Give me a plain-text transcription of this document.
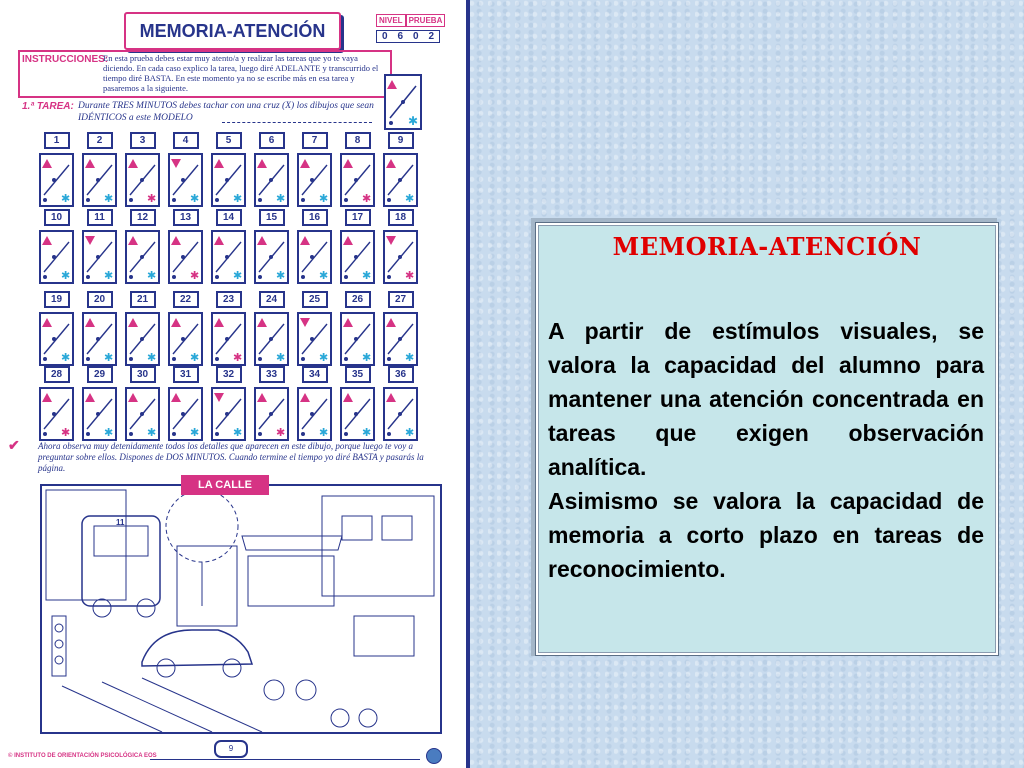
MEMORIA-ATENCIÓN
NIVEL PRUEBA
0 6 0 2
INSTRUCCIONES:
En esta prueba debes estar muy atento/a y realizar las tareas que yo te vaya diciendo. En cada caso explico la tarea, luego diré ADELANTE y transcurrido el tiempo diré BASTA. En este momento ya no se escribe más en esa tarea y pasaremos a la siguiente.
✱
1.ª TAREA: Durante TRES MINUTOS debes tachar con una cruz (X) los dibujos que sean IDÉNTICOS a este MODELO
1
✱
2
✱
3
✱
4
✱
5
✱
6
✱
7
✱
8
✱
9
✱
10
✱
11
✱
12
✱
13
✱
14
✱
15
✱
16
✱
17
✱
18
✱
19
✱
20
✱
21
✱
22
✱
23
✱
24
✱
25
✱
26
✱
27
✱
28
✱
29
✱
30
✱
31
✱
32
✱
33
✱
34
✱
35
✱
36
✱
✔ Ahora observa muy detenidamente todos los detalles que aparecen en este dibujo, porque luego te voy a preguntar sobre ellos. Dispones de DOS MINUTOS. Cuando termine el tiempo yo diré BASTA y pasarás la página.
11
LA CALLE
9
© INSTITUTO DE ORIENTACIÓN PSICOLÓGICA EOS
MEMORIA-ATENCIÓN

A partir de estímulos visuales, se valora la capacidad del alumno para mantener una atención concentrada en tareas que exigen observación analítica.

Asimismo se valora la capacidad de memoria a corto plazo en tareas de reconocimiento.
